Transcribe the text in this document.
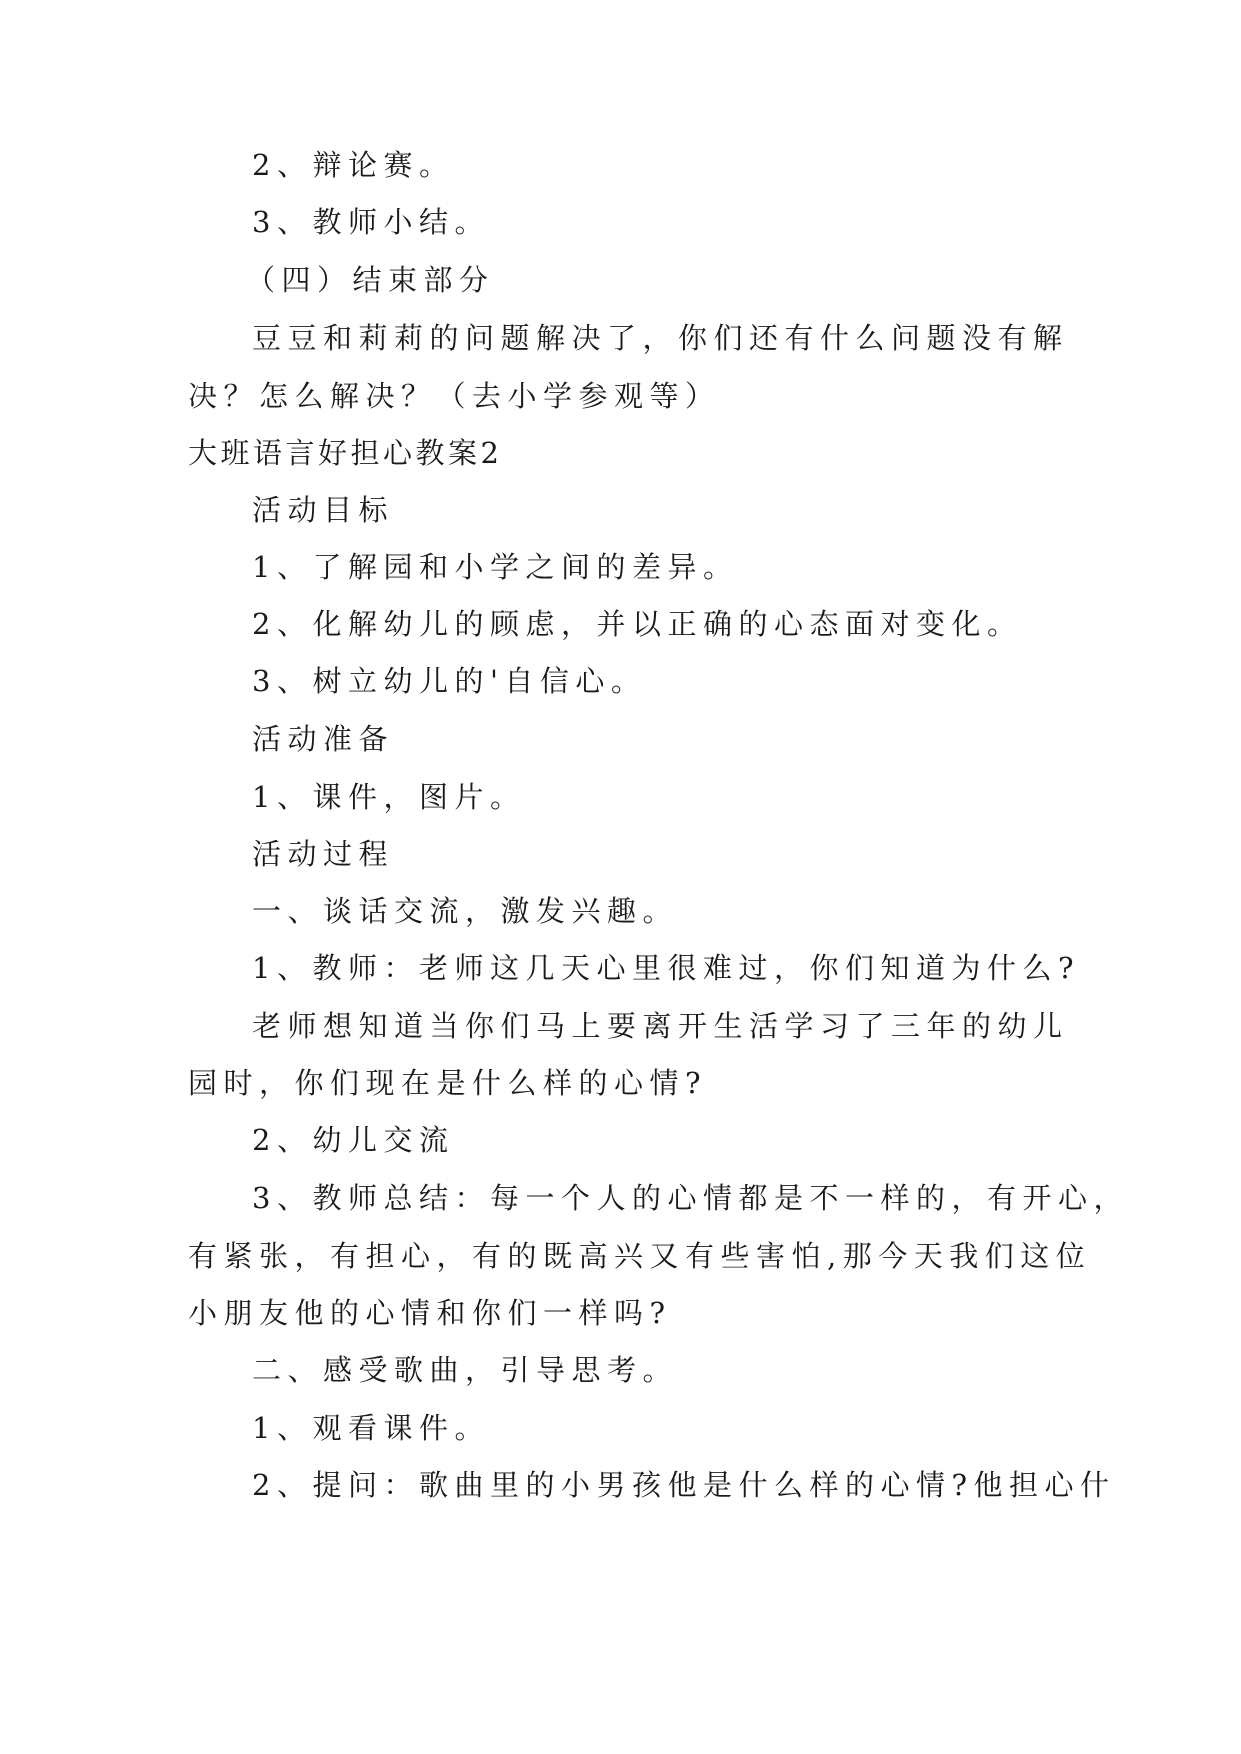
2、辩论赛。
3、教师小结。
（四）结束部分
豆豆和莉莉的问题解决了，你们还有什么问题没有解
决？怎么解决？（去小学参观等）
大班语言好担心教案2
活动目标
1、了解园和小学之间的差异。
2、化解幼儿的顾虑，并以正确的心态面对变化。
3、树立幼儿的'自信心。
活动准备
1、课件，图片。
活动过程
一、谈话交流，激发兴趣。
1、教师：老师这几天心里很难过，你们知道为什么?
老师想知道当你们马上要离开生活学习了三年的幼儿
园时，你们现在是什么样的心情?
2、幼儿交流
3、教师总结：每一个人的心情都是不一样的，有开心，
有紧张，有担心，有的既高兴又有些害怕,那今天我们这位
小朋友他的心情和你们一样吗?
二、感受歌曲，引导思考。
1、观看课件。
2、提问：歌曲里的小男孩他是什么样的心情?他担心什
